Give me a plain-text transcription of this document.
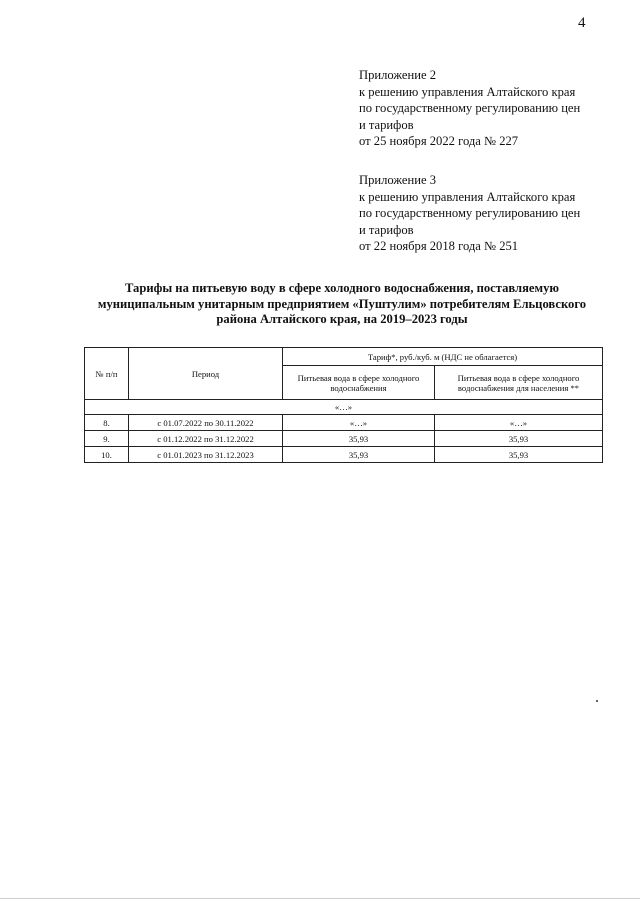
4
Приложение 2
к решению управления Алтайского края
по государственному регулированию цен
и тарифов
от 25 ноября 2022 года № 227
Приложение 3
к решению управления Алтайского края
по государственному регулированию цен
и тарифов
от 22 ноября 2018 года № 251
Тарифы на питьевую воду в сфере холодного водоснабжения, поставляемую
муниципальным унитарным предприятием «Пуштулим» потребителям Ельцовского
района Алтайского края, на 2019–2023 годы
№ п/п	Период	Тариф*, руб./куб. м (НДС не облагается)	
		Питьевая вода в сфере холодного водоснабжения	Питьевая вода в сфере холодного водоснабжения для населения **
«…»			
8.	с 01.07.2022 по 30.11.2022	«…»	«…»
9.	с 01.12.2022 по 31.12.2022	35,93	35,93
10.	с 01.01.2023 по 31.12.2023	35,93	35,93
